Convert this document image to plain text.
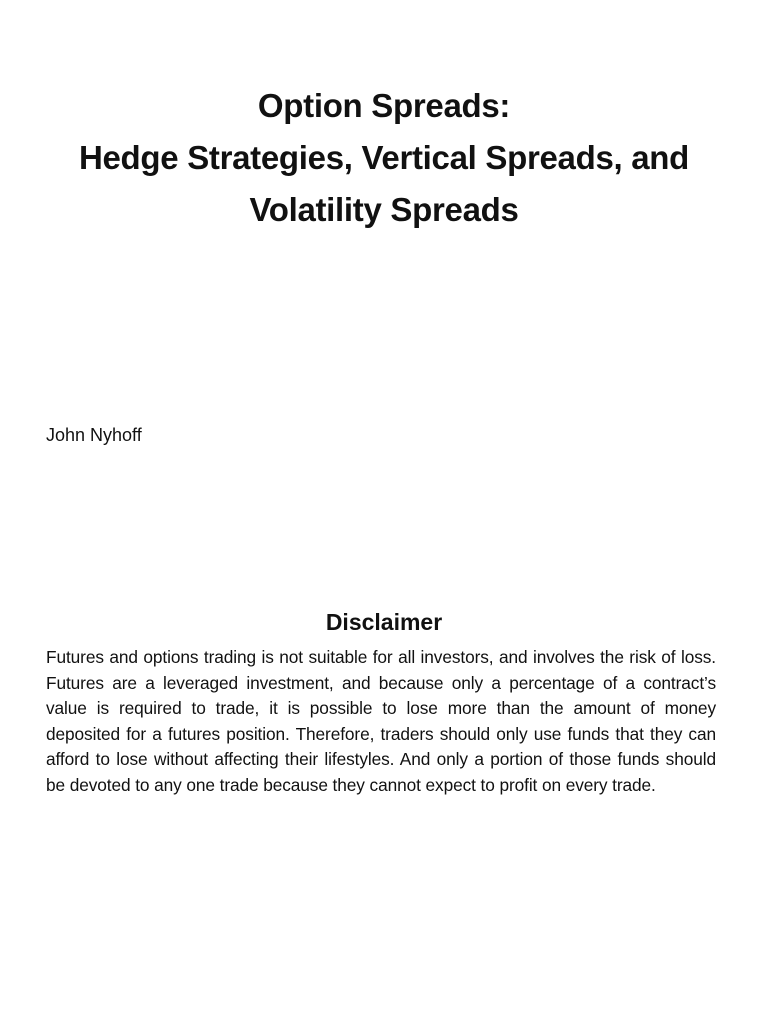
Option Spreads:
Hedge Strategies, Vertical Spreads, and
Volatility Spreads
John Nyhoff
Disclaimer

Futures and options trading is not suitable for all investors, and involves the risk of loss. Futures are a leveraged investment, and because only a percentage of a contract’s value is required to trade, it is possible to lose more than the amount of money deposited for a futures position. Therefore, traders should only use funds that they can afford to lose without affecting their lifestyles. And only a portion of those funds should be devoted to any one trade because they cannot expect to profit on every trade.
